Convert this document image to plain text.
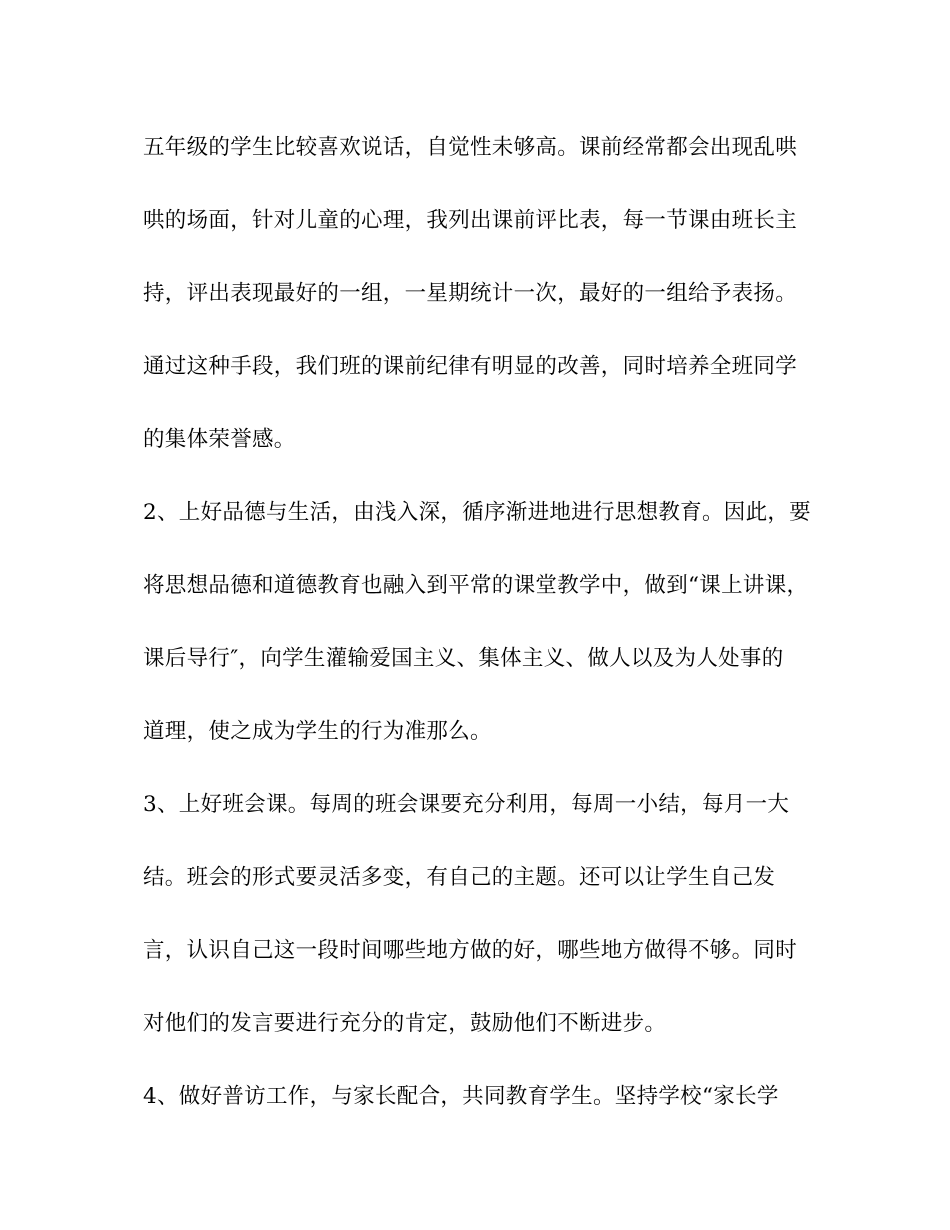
五年级的学生比较喜欢说话，自觉性未够高。课前经常都会出现乱哄
哄的场面，针对儿童的心理，我列出课前评比表，每一节课由班长主
持，评出表现最好的一组，一星期统计一次，最好的一组给予表扬。
通过这种手段，我们班的课前纪律有明显的改善，同时培养全班同学
的集体荣誉感。
2、上好品德与生活，由浅入深，循序渐进地进行思想教育。因此，要
将思想品德和道德教育也融入到平常的课堂教学中，做到“课上讲课，
课后导行″，向学生灌输爱国主义、集体主义、做人以及为人处事的
道理，使之成为学生的行为准那么。
3、上好班会课。每周的班会课要充分利用，每周一小结，每月一大
结。班会的形式要灵活多变，有自己的主题。还可以让学生自己发
言，认识自己这一段时间哪些地方做的好，哪些地方做得不够。同时
对他们的发言要进行充分的肯定，鼓励他们不断进步。
4、做好普访工作，与家长配合，共同教育学生。坚持学校“家长学
